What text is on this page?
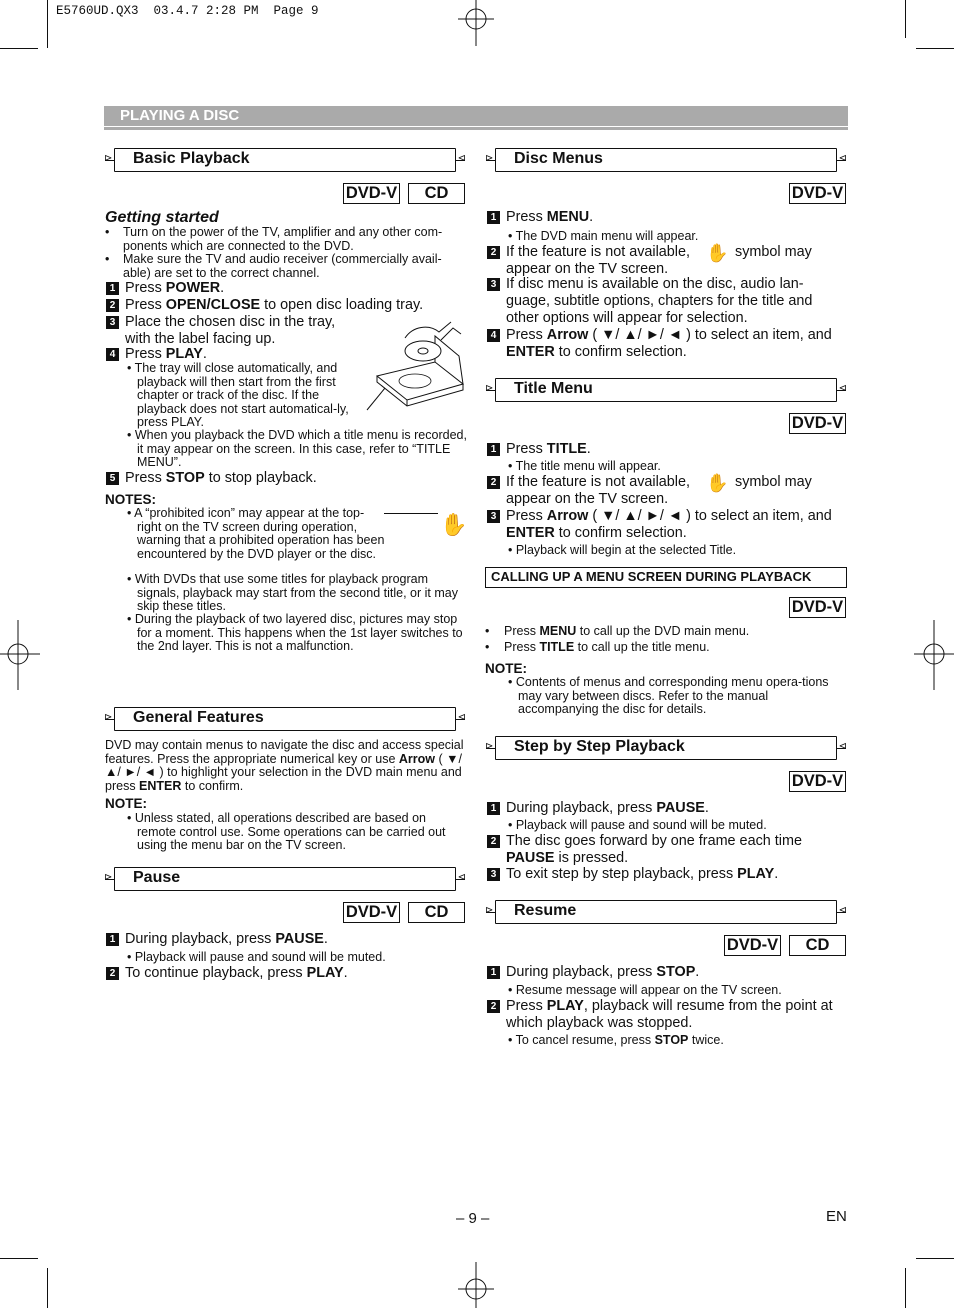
E5760UD.QX3  03.4.7 2:28 PM  Page 9
PLAYING A DISC
⊳	⊲
Basic Playback
DVD-V	CD
Getting started
• Turn on the power of the TV, amplifier and any other com-ponents which are connected to the DVD.
• Make sure the TV and audio receiver (commercially avail-able) are set to the correct channel.
1 Press POWER.
2 Press OPEN/CLOSE to open disc loading tray.
3 Place the chosen disc in the tray, with the label facing up.
4 Press PLAY.
• The tray will close automatically, and playback will then start from the first chapter or track of the disc. If the playback does not start automatical-ly, press PLAY.
• When you playback the DVD which a title menu is recorded, it may appear on the screen. In this case, refer to “TITLE MENU”.
5 Press STOP to stop playback.
NOTES:
• A “prohibited icon” may appear at the top-right on the TV screen during operation, warning that a prohibited operation has been encountered by the DVD player or the disc.
✋
• With DVDs that use some titles for playback program signals, playback may start from the second title, or it may skip these titles.
• During the playback of two layered disc, pictures may stop for a moment. This happens when the 1st layer switches to the 2nd layer. This is not a malfunction.
⊳	⊲
General Features
DVD may contain menus to navigate the disc and access special features. Press the appropriate numerical key or use Arrow ( ▼/ ▲/ ►/ ◄ ) to highlight your selection in the DVD main menu and press ENTER to confirm.
NOTE:
• Unless stated, all operations described are based on remote control use. Some operations can be carried out using the menu bar on the TV screen.
⊳	⊲
Pause
DVD-V	CD
1 During playback, press PAUSE.
• Playback will pause and sound will be muted.
2 To continue playback, press PLAY.
⊳	⊲
Disc Menus
DVD-V
1 Press MENU.
• The DVD main menu will appear.
2 If the feature is not available, ✋ symbol may appear on the TV screen.
3 If disc menu is available on the disc, audio lan-guage, subtitle options, chapters for the title and other options will appear for selection.
4 Press Arrow ( ▼/ ▲/ ►/ ◄ ) to select an item, and ENTER to confirm selection.
⊳	⊲
Title Menu
DVD-V
1 Press TITLE.
• The title menu will appear.
2 If the feature is not available, ✋ symbol may appear on the TV screen.
3 Press Arrow ( ▼/ ▲/ ►/ ◄ ) to select an item, and ENTER to confirm selection.
• Playback will begin at the selected Title.
CALLING UP A MENU SCREEN DURING PLAYBACK
DVD-V
• Press MENU to call up the DVD main menu.
• Press TITLE to call up the title menu.
NOTE:
• Contents of menus and corresponding menu opera-tions may vary between discs. Refer to the manual accompanying the disc for details.
⊳	⊲
Step by Step Playback
DVD-V
1 During playback, press PAUSE.
• Playback will pause and sound will be muted.
2 The disc goes forward by one frame each time PAUSE is pressed.
3 To exit step by step playback, press PLAY.
⊳	⊲
Resume
DVD-V	CD
1 During playback, press STOP.
• Resume message will appear on the TV screen.
2 Press PLAY, playback will resume from the point at which playback was stopped.
• To cancel resume, press STOP twice.
– 9 –	EN
